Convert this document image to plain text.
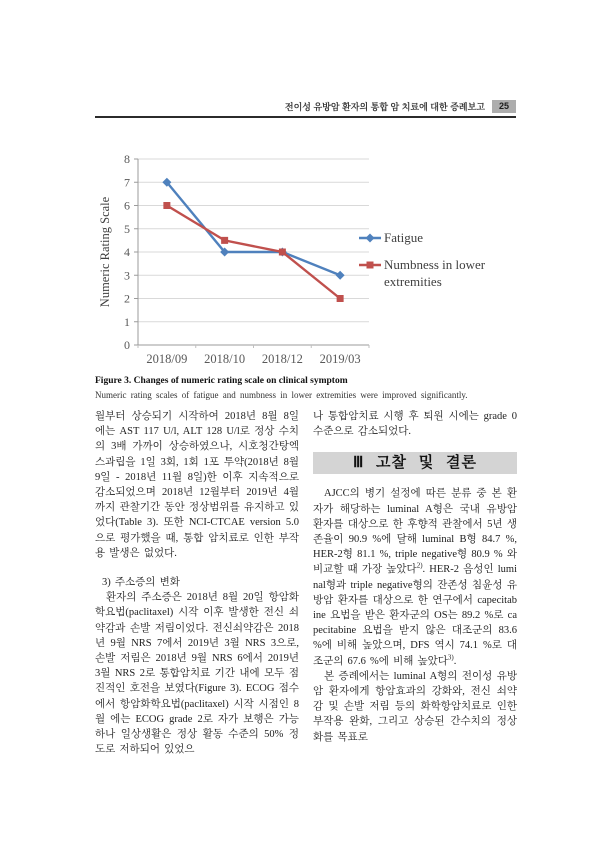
전이성 유방암 환자의 통합 암 치료에 대한 증례보고	25
0
1
2
3
4
5
6
7
8
2018/09 2018/10 2018/12 2019/03
Numeric Rating Scale	Fatigue
Numbness in lower
extremities
Figure 3. Changes of numeric rating scale on clinical symptom
Numeric rating scales of fatigue and numbness in lower extremities were improved significantly.

월부터 상승되기 시작하여 2018년 8월 8일에는 AST 117 U/l, ALT 128 U/l로 정상 수치의 3배 가까이 상승하였으나, 시호청간탕엑스과립을 1일 3회, 1회 1포 투약(2018년 8월 9일 - 2018년 11월 8일)한 이후 지속적으로 감소되었으며 2018년 12월부터 2019년 4월까지 관찰기간 동안 정상범위를 유지하고 있었다(Table 3). 또한 NCI-CTCAE version 5.0으로 평가했을 때, 통합 암치료로 인한 부작용 발생은 없었다.

3) 주소증의 변화

환자의 주소증은 2018년 8월 20일 항암화학요법(paclitaxel) 시작 이후 발생한 전신 쇠약감과 손발 저림이었다. 전신쇠약감은 2018년 9월 NRS 7에서 2019년 3월 NRS 3으로, 손발 저림은 2018년 9월 NRS 6에서 2019년 3월 NRS 2로 통합암치료 기간 내에 모두 점진적인 호전을 보였다(Figure 3). ECOG 점수에서 항암화학요법(paclitaxel) 시작 시점인 8월 에는 ECOG grade 2로 자가 보행은 가능하나 일상생활은 정상 활동 수준의 50% 정도로 저하되어 있었으

나 통합암치료 시행 후 퇴원 시에는 grade 0 수준으로 감소되었다.

Ⅲ 고찰 및 결론

AJCC의 병기 설정에 따른 분류 중 본 환자가 해당하는 luminal A형은 국내 유방암 환자를 대상으로 한 후향적 관찰에서 5년 생존율이 90.9 %에 달해 luminal B형 84.7 %, HER-2형 81.1 %, triple negative형 80.9 % 와 비교할 때 가장 높았다$^{2)}$. HER-2 음성인 luminal형과 triple negative형의 잔존성 침윤성 유방암 환자를 대상으로 한 연구에서 capecitabine 요법을 받은 환자군의 OS는 89.2 %로 capecitabine 요법을 받지 않은 대조군의 83.6 %에 비해 높았으며, DFS 역시 74.1 %로 대조군의 67.6 %에 비해 높았다$^{3)}$.

본 증례에서는 luminal A형의 전이성 유방암 환자에게 항암효과의 강화와, 전신 쇠약감 및 손발 저림 등의 화학항암치료로 인한 부작용 완화, 그리고 상승된 간수치의 정상화를 목표로
